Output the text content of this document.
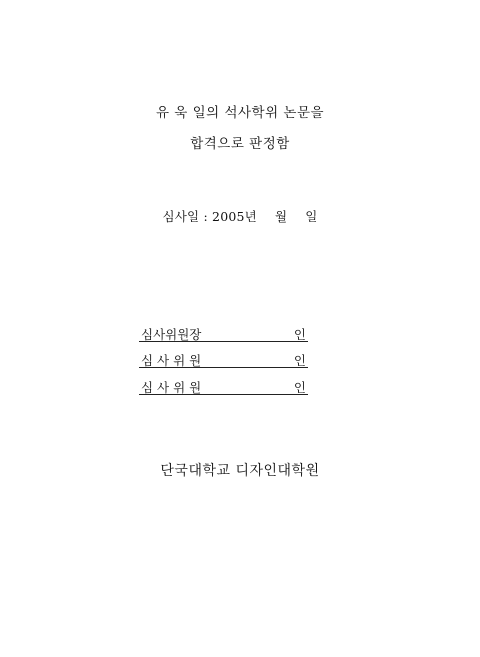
유 욱 일의 석사학위 논문을
합격으로 판정함
심사일 : 2005년 월 일
심사위원장	인
심 사 위 원	인
심 사 위 원	인
단국대학교 디자인대학원
